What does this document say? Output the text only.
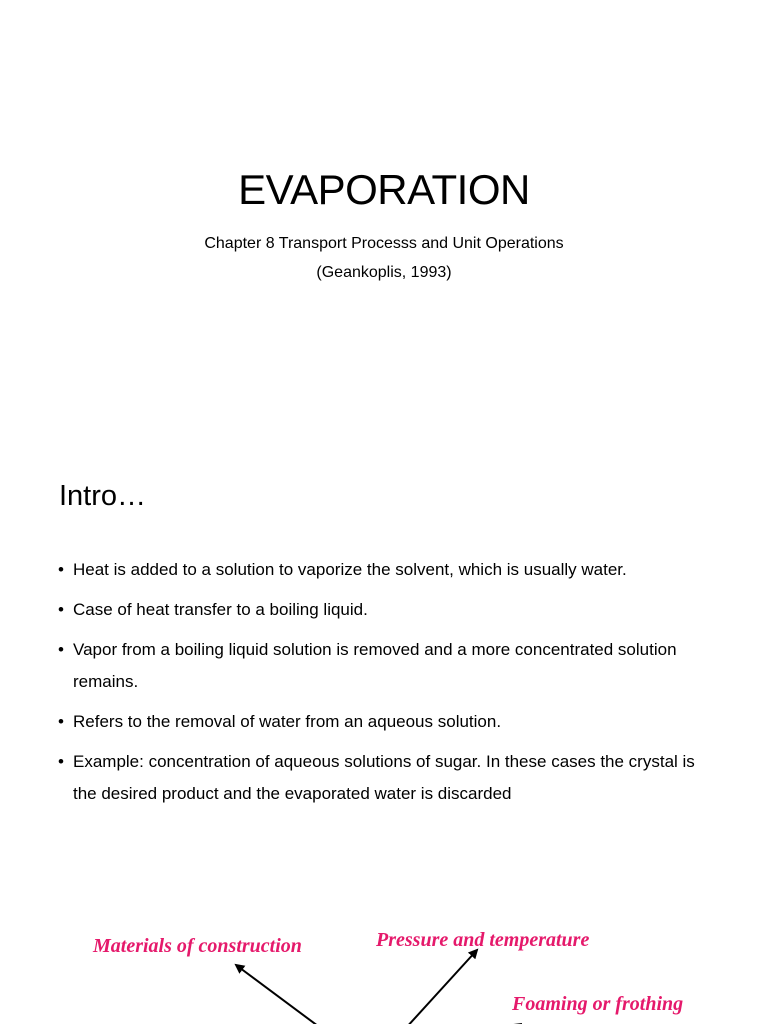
EVAPORATION
Chapter 8 Transport Processs and Unit Operations
(Geankoplis, 1993)
Intro…
• Heat is added to a solution to vaporize the solvent, which is usually water.
• Case of heat transfer to a boiling liquid.
• Vapor from a boiling liquid solution is removed and a more concentrated solution remains.
• Refers to the removal of water from an aqueous solution.
• Example: concentration of aqueous solutions of sugar. In these cases the crystal is the desired product and the evaporated water is discarded
Materials of construction	Pressure and temperature
Foaming or frothing
